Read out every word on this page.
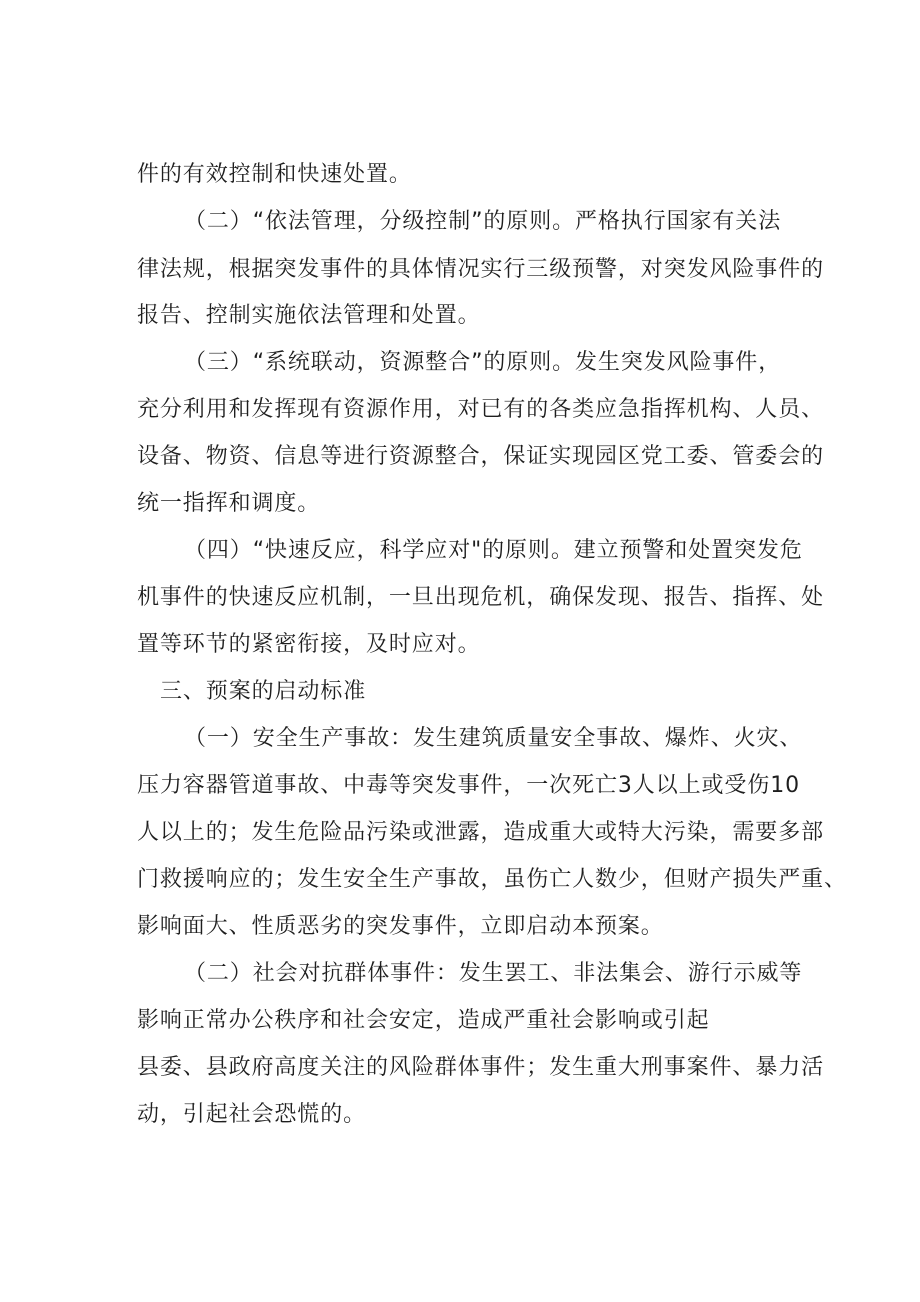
件的有效控制和快速处置。

（二）“依法管理，分级控制”的原则。严格执行国家有关法

律法规，根据突发事件的具体情况实行三级预警，对突发风险事件的

报告、控制实施依法管理和处置。

（三）“系统联动，资源整合”的原则。发生突发风险事件，

充分利用和发挥现有资源作用，对已有的各类应急指挥机构、人员、

设备、物资、信息等进行资源整合，保证实现园区党工委、管委会的

统一指挥和调度。

（四）“快速反应，科学应对"的原则。建立预警和处置突发危

机事件的快速反应机制，一旦出现危机，确保发现、报告、指挥、处

置等环节的紧密衔接，及时应对。

三、预案的启动标准

（一）安全生产事故：发生建筑质量安全事故、爆炸、火灾、

压力容器管道事故、中毒等突发事件，一次死亡3人以上或受伤10

人以上的；发生危险品污染或泄露，造成重大或特大污染，需要多部

门救援响应的；发生安全生产事故，虽伤亡人数少，但财产损失严重、

影响面大、性质恶劣的突发事件，立即启动本预案。

（二）社会对抗群体事件：发生罢工、非法集会、游行示威等

影响正常办公秩序和社会安定，造成严重社会影响或引起

县委、县政府高度关注的风险群体事件；发生重大刑事案件、暴力活

动，引起社会恐慌的。
